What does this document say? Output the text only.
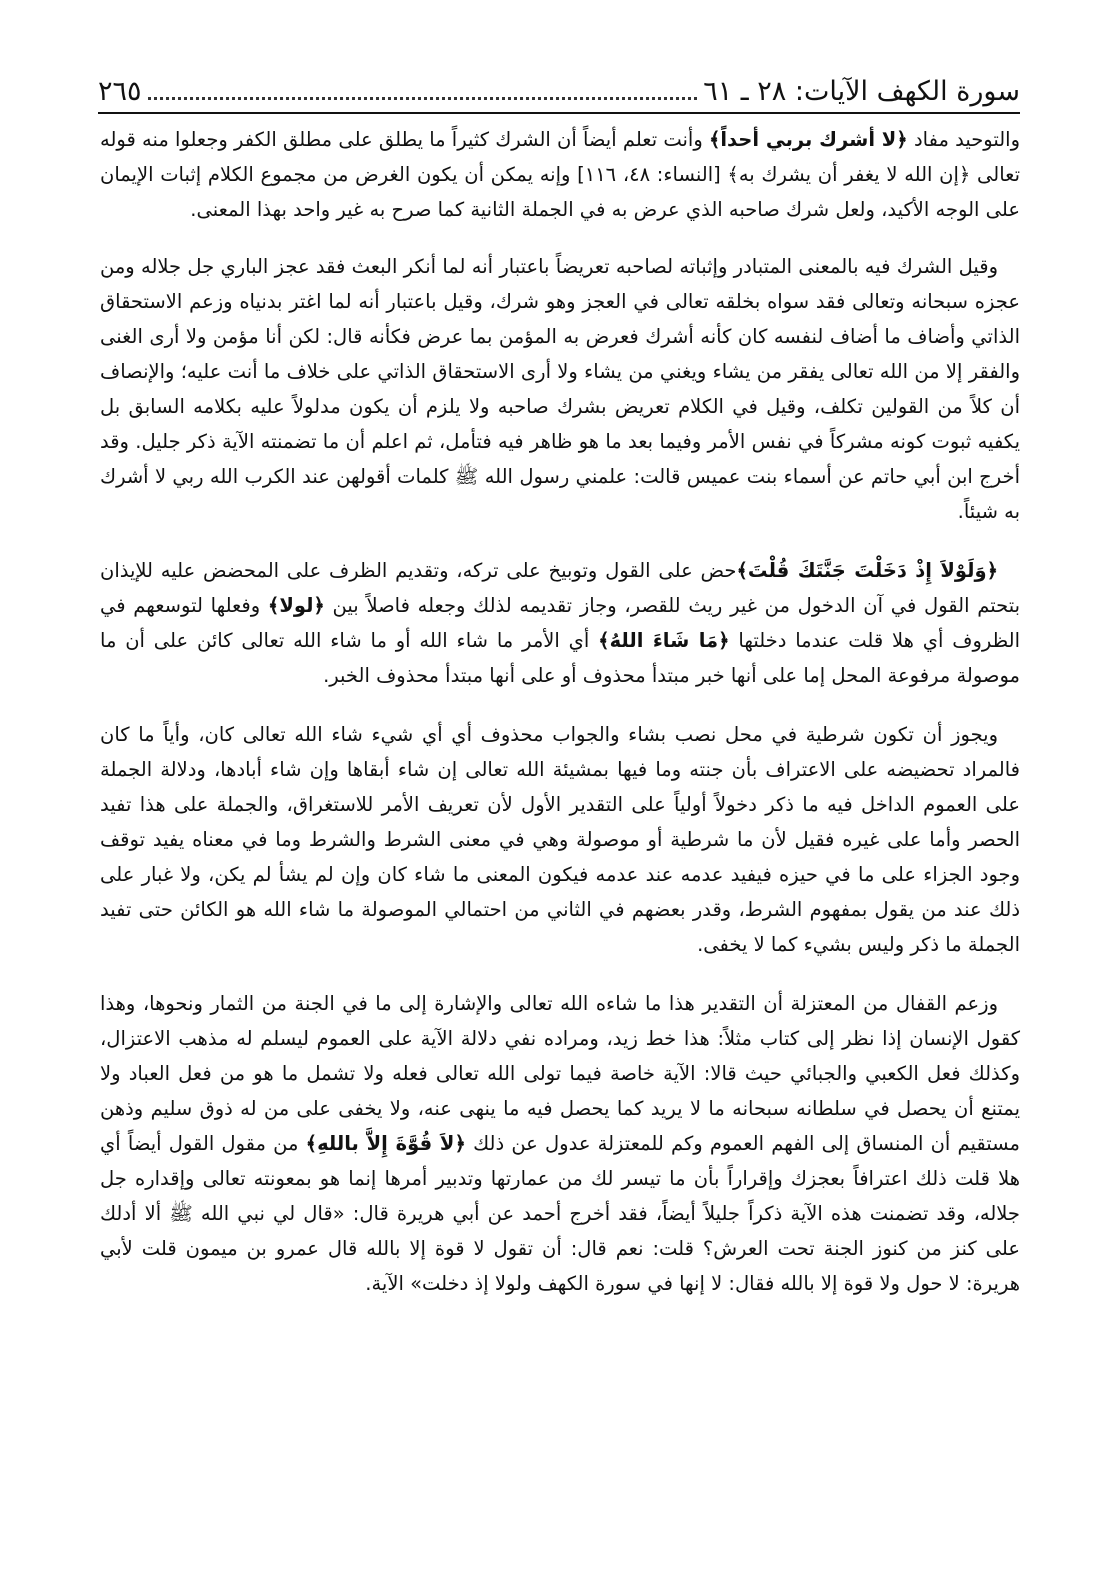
سورة الكهف الآيات: ٢٨ ـ ٦١
٢٦٥

والتوحيد مفاد ﴿لا أشرك بربي أحداً﴾ وأنت تعلم أيضاً أن الشرك كثيراً ما يطلق على مطلق الكفر وجعلوا منه قوله تعالى ﴿إن الله لا يغفر أن يشرك به﴾ [النساء: ٤٨، ١١٦] وإنه يمكن أن يكون الغرض من مجموع الكلام إثبات الإيمان على الوجه الأكيد، ولعل شرك صاحبه الذي عرض به في الجملة الثانية كما صرح به غير واحد بهذا المعنى.

وقيل الشرك فيه بالمعنى المتبادر وإثباته لصاحبه تعريضاً باعتبار أنه لما أنكر البعث فقد عجز الباري جل جلاله ومن عجزه سبحانه وتعالى فقد سواه بخلقه تعالى في العجز وهو شرك، وقيل باعتبار أنه لما اغتر بدنياه وزعم الاستحقاق الذاتي وأضاف ما أضاف لنفسه كان كأنه أشرك فعرض به المؤمن بما عرض فكأنه قال: لكن أنا مؤمن ولا أرى الغنى والفقر إلا من الله تعالى يفقر من يشاء ويغني من يشاء ولا أرى الاستحقاق الذاتي على خلاف ما أنت عليه؛ والإنصاف أن كلاً من القولين تكلف، وقيل في الكلام تعريض بشرك صاحبه ولا يلزم أن يكون مدلولاً عليه بكلامه السابق بل يكفيه ثبوت كونه مشركاً في نفس الأمر وفيما بعد ما هو ظاهر فيه فتأمل، ثم اعلم أن ما تضمنته الآية ذكر جليل. وقد أخرج ابن أبي حاتم عن أسماء بنت عميس قالت: علمني رسول الله ﷺ كلمات أقولهن عند الكرب الله ربي لا أشرك به شيئاً.

﴿وَلَوْلاَ إِذْ دَخَلْتَ جَنَّتَكَ قُلْتَ﴾حض على القول وتوبيخ على تركه، وتقديم الظرف على المحضض عليه للإيذان بتحتم القول في آن الدخول من غير ريث للقصر، وجاز تقديمه لذلك وجعله فاصلاً بين ﴿لولا﴾ وفعلها لتوسعهم في الظروف أي هلا قلت عندما دخلتها ﴿مَا شَاءَ اللهُ﴾ أي الأمر ما شاء الله أو ما شاء الله تعالى كائن على أن ما موصولة مرفوعة المحل إما على أنها خبر مبتدأ محذوف أو على أنها مبتدأ محذوف الخبر.

ويجوز أن تكون شرطية في محل نصب بشاء والجواب محذوف أي أي شيء شاء الله تعالى كان، وأياً ما كان فالمراد تحضيضه على الاعتراف بأن جنته وما فيها بمشيئة الله تعالى إن شاء أبقاها وإن شاء أبادها، ودلالة الجملة على العموم الداخل فيه ما ذكر دخولاً أولياً على التقدير الأول لأن تعريف الأمر للاستغراق، والجملة على هذا تفيد الحصر وأما على غيره فقيل لأن ما شرطية أو موصولة وهي في معنى الشرط والشرط وما في معناه يفيد توقف وجود الجزاء على ما في حيزه فيفيد عدمه عند عدمه فيكون المعنى ما شاء كان وإن لم يشأ لم يكن، ولا غبار على ذلك عند من يقول بمفهوم الشرط، وقدر بعضهم في الثاني من احتمالي الموصولة ما شاء الله هو الكائن حتى تفيد الجملة ما ذكر وليس بشيء كما لا يخفى.

وزعم القفال من المعتزلة أن التقدير هذا ما شاءه الله تعالى والإشارة إلى ما في الجنة من الثمار ونحوها، وهذا كقول الإنسان إذا نظر إلى كتاب مثلاً: هذا خط زيد، ومراده نفي دلالة الآية على العموم ليسلم له مذهب الاعتزال، وكذلك فعل الكعبي والجبائي حيث قالا: الآية خاصة فيما تولى الله تعالى فعله ولا تشمل ما هو من فعل العباد ولا يمتنع أن يحصل في سلطانه سبحانه ما لا يريد كما يحصل فيه ما ينهى عنه، ولا يخفى على من له ذوق سليم وذهن مستقيم أن المنساق إلى الفهم العموم وكم للمعتزلة عدول عن ذلك ﴿لاَ قُوَّةَ إِلاَّ باللهِ﴾ من مقول القول أيضاً أي هلا قلت ذلك اعترافاً بعجزك وإقراراً بأن ما تيسر لك من عمارتها وتدبير أمرها إنما هو بمعونته تعالى وإقداره جل جلاله، وقد تضمنت هذه الآية ذكراً جليلاً أيضاً، فقد أخرج أحمد عن أبي هريرة قال: «قال لي نبي الله ﷺ ألا أدلك على كنز من كنوز الجنة تحت العرش؟ قلت: نعم قال: أن تقول لا قوة إلا بالله قال عمرو بن ميمون قلت لأبي هريرة: لا حول ولا قوة إلا بالله فقال: لا إنها في سورة الكهف ولولا إذ دخلت» الآية.
